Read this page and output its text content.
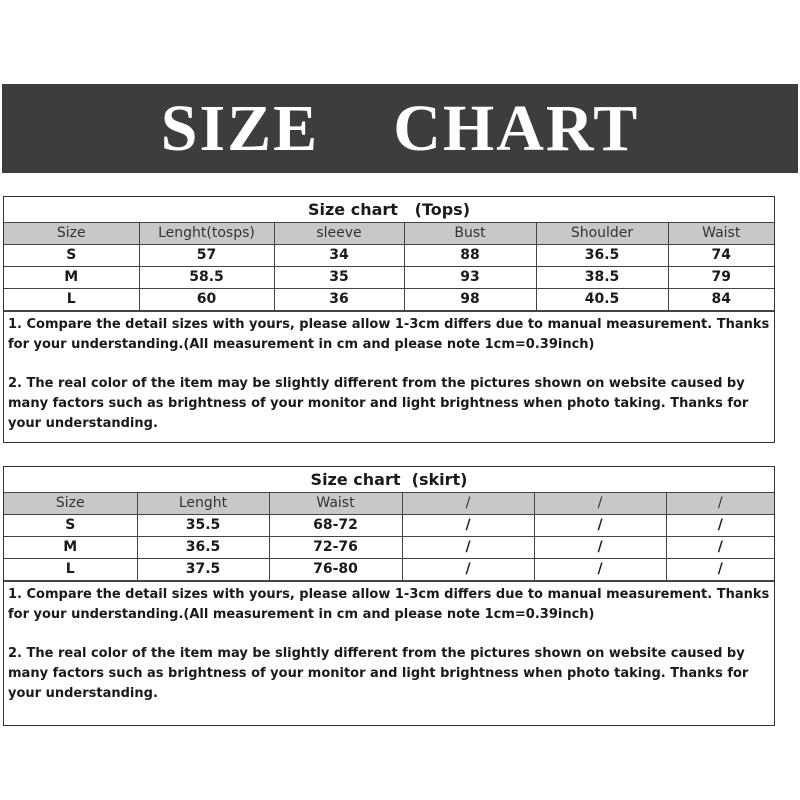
SIZE    CHART
Size chart   (Tops)
Size	Lenght(tosps)	sleeve	Bust	Shoulder	Waist
S	57	34	88	36.5	74
M	58.5	35	93	38.5	79
L	60	36	98	40.5	84

1. Compare the detail sizes with yours, please allow 1-3cm differs due to manual measurement. Thanks for your understanding.(All measurement in cm and please note 1cm=0.39inch)

2. The real color of the item may be slightly different from the pictures shown on website caused by many factors such as brightness of your monitor and light brightness when photo taking. Thanks for your understanding.

Size chart  (skirt)
Size	Lenght	Waist	/	/	/
S	35.5	68-72	/	/	/
M	36.5	72-76	/	/	/
L	37.5	76-80	/	/	/

1. Compare the detail sizes with yours, please allow 1-3cm differs due to manual measurement. Thanks for your understanding.(All measurement in cm and please note 1cm=0.39inch)

2. The real color of the item may be slightly different from the pictures shown on website caused by many factors such as brightness of your monitor and light brightness when photo taking. Thanks for your understanding.
